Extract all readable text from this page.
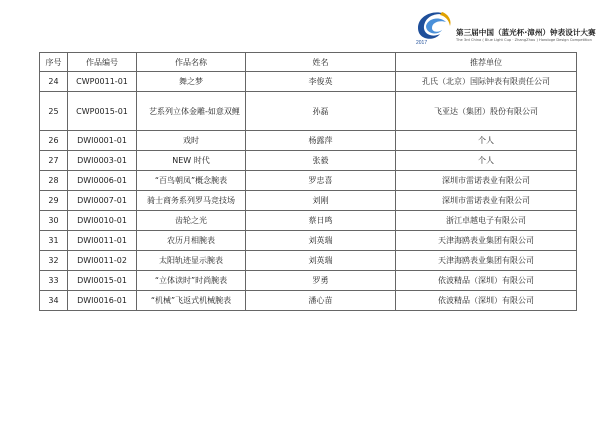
2017
第三届中国（蓝光杯·漳州）钟表设计大赛
The 3rd China ( Blue Light Cup · ZhangZhou ) Horologe Design Competition
序号	作品编号	作品名称	姓名	推荐单位
24	CWP0011-01	舞之梦	李俊英	孔氏（北京）国际钟表有限责任公司
25	CWP0015-01	艺系列立体金雕-如意双鲤	孙磊	飞亚达（集团）股份有限公司
26	DWI0001-01	戏时	杨露萍	个人
27	DWI0003-01	NEW 时代	张毅	个人
28	DWI0006-01	“百鸟朝凤”概念腕表	罗忠喜	深圳市雷诺表业有限公司
29	DWI0007-01	骑士商务系列罗马竞技场	刘刚	深圳市雷诺表业有限公司
30	DWI0010-01	齿轮之光	蔡日鸣	浙江卓越电子有限公司
31	DWI0011-01	农历月相腕表	刘英瑞	天津海鸥表业集团有限公司
32	DWI0011-02	太阳轨迹显示腕表	刘英瑞	天津海鸥表业集团有限公司
33	DWI0015-01	“立体读时”时尚腕表	罗勇	依波精品（深圳）有限公司
34	DWI0016-01	“机械”飞返式机械腕表	潘心苗	依波精品（深圳）有限公司
